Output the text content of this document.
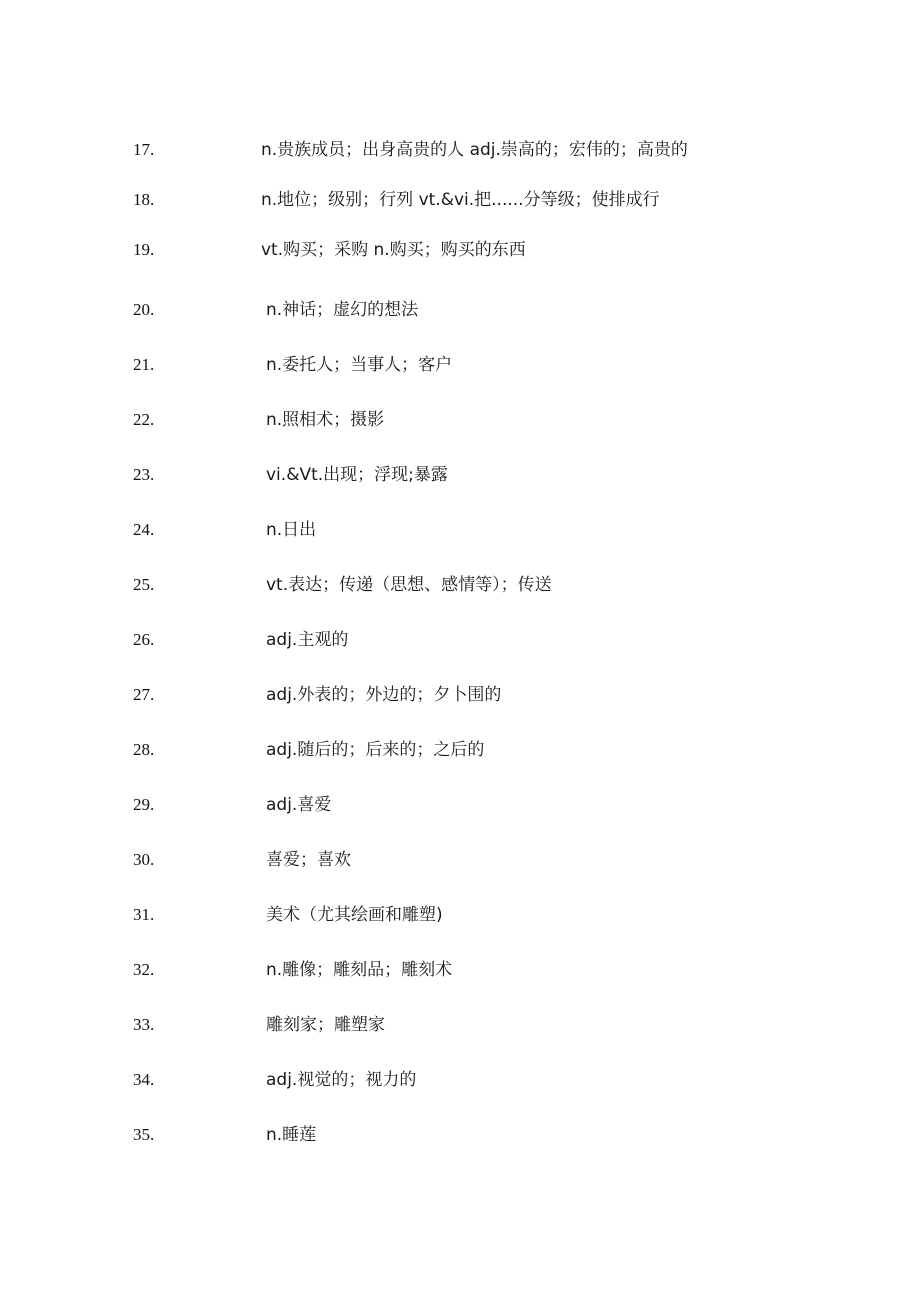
17.	n.贵族成员；出身高贵的人 adj.崇高的；宏伟的；高贵的
18.	n.地位；级别；行列 vt.&vi.把......分等级；使排成行
19.	vt.购买；采购 n.购买；购买的东西
20.	n.神话；虚幻的想法
21.	n.委托人；当事人；客户
22.	n.照相术；摄影
23.	vi.&Vt.出现；浮现;暴露
24.	n.日出
25.	vt.表达；传递（思想、感情等）；传送
26.	adj.主观的
27.	adj.外表的；外边的；夕卜围的
28.	adj.随后的；后来的；之后的
29.	adj.喜爱
30.	喜爱；喜欢
31.	美术（尤其绘画和雕塑)
32.	n.雕像；雕刻品；雕刻术
33.	雕刻家；雕塑家
34.	adj.视觉的；视力的
35.	n.睡莲
